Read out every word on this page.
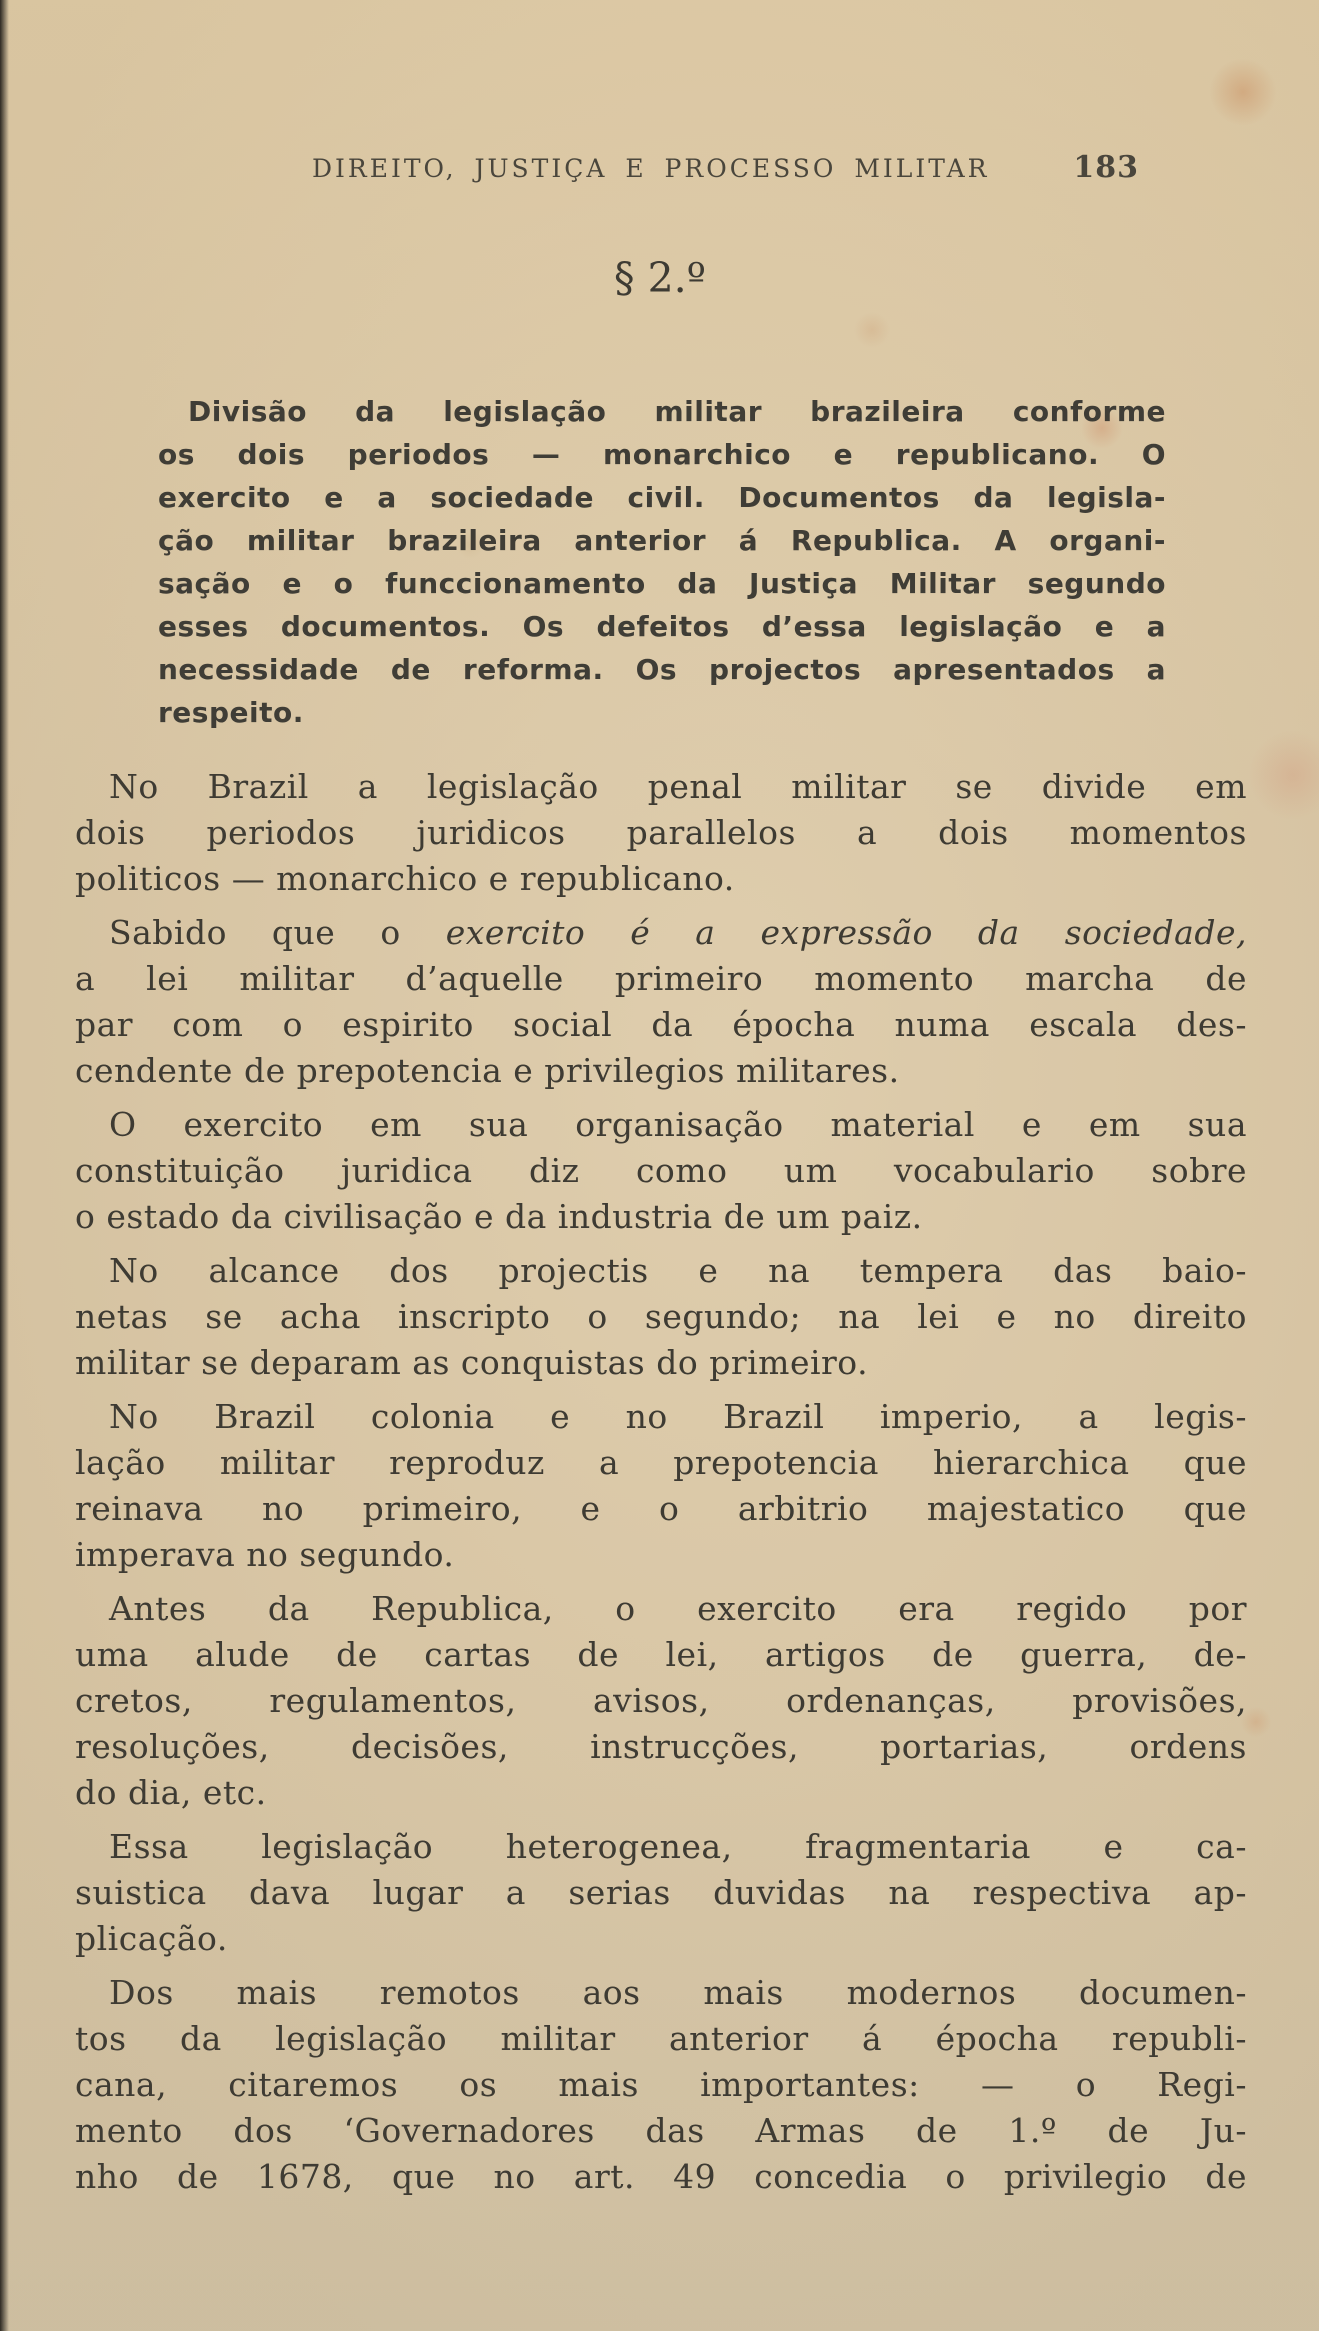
DIREITO, JUSTIÇA E PROCESSO MILITAR	183
§ 2.º
Divisão da legislação militar brazileira conforme
os dois periodos — monarchico e republicano. O
exercito e a sociedade civil. Documentos da legisla-
ção militar brazileira anterior á Republica. A organi-
sação e o funccionamento da Justiça Militar segundo
esses documentos. Os defeitos d’essa legislação e a
necessidade de reforma. Os projectos apresentados a
respeito.
No Brazil a legislação penal militar se divide em
dois periodos juridicos parallelos a dois momentos
politicos — monarchico e republicano.
Sabido que o exercito é a expressão da sociedade,
a lei militar d’aquelle primeiro momento marcha de
par com o espirito social da épocha numa escala des-
cendente de prepotencia e privilegios militares.
O exercito em sua organisação material e em sua
constituição juridica diz como um vocabulario sobre
o estado da civilisação e da industria de um paiz.
No alcance dos projectis e na tempera das baio-
netas se acha inscripto o segundo; na lei e no direito
militar se deparam as conquistas do primeiro.
No Brazil colonia e no Brazil imperio, a legis-
lação militar reproduz a prepotencia hierarchica que
reinava no primeiro, e o arbitrio majestatico que
imperava no segundo.
Antes da Republica, o exercito era regido por
uma alude de cartas de lei, artigos de guerra, de-
cretos, regulamentos, avisos, ordenanças, provisões,
resoluções, decisões, instrucções, portarias, ordens
do dia, etc.
Essa legislação heterogenea, fragmentaria e ca-
suistica dava lugar a serias duvidas na respectiva ap-
plicação.
Dos mais remotos aos mais modernos documen-
tos da legislação militar anterior á épocha republi-
cana, citaremos os mais importantes: — o Regi-
mento dos ‘Governadores das Armas de 1.º de Ju-
nho de 1678, que no art. 49 concedia o privilegio de
